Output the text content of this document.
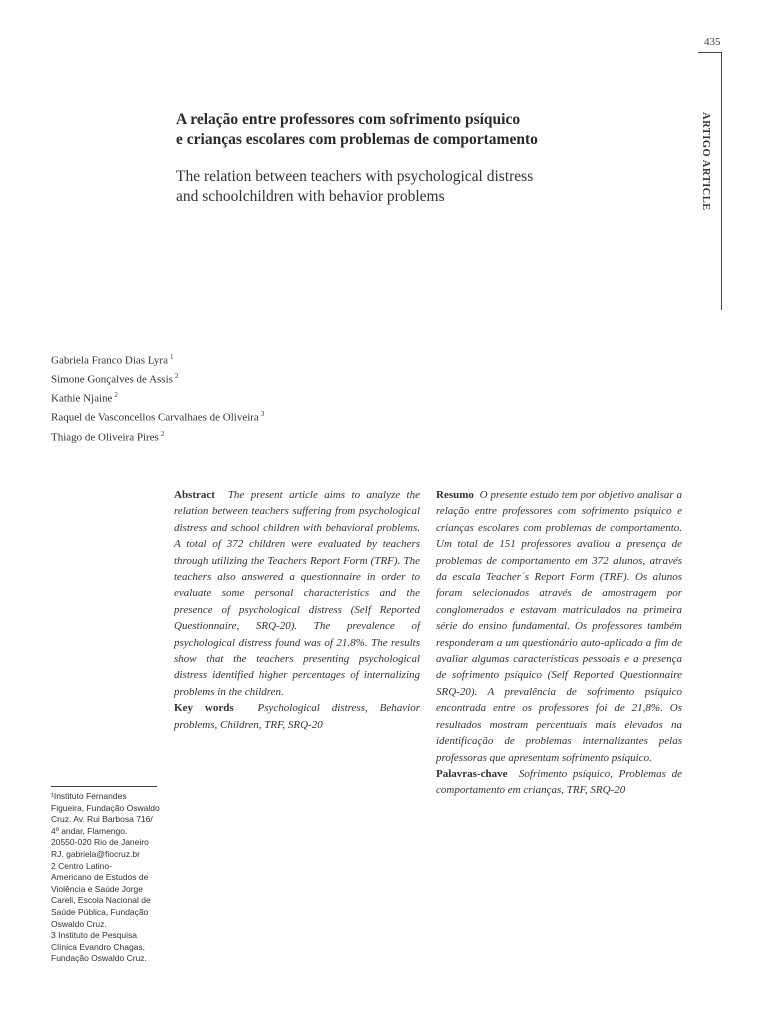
435
ARTIGO ARTICLE
A relação entre professores com sofrimento psíquico
e crianças escolares com problemas de comportamento
The relation between teachers with psychological distress
and schoolchildren with behavior problems
Gabriela Franco Dias Lyra $^1$
Simone Gonçalves de Assis $^2$
Kathie Njaine $^2$
Raquel de Vasconcellos Carvalhaes de Oliveira $^3$
Thiago de Oliveira Pires $^2$

Abstract The present article aims to analyze the relation between teachers suffering from psychological distress and school children with behavioral problems. A total of 372 children were evaluated by teachers through utilizing the Teachers Report Form (TRF). The teachers also answered a questionnaire in order to evaluate some personal characteristics and the presence of psychological distress (Self Reported Questionnaire, SRQ-20). The prevalence of psychological distress found was of 21.8%. The results show that the teachers presenting psychological distress identified higher percentages of internalizing problems in the children.

Key words Psychological distress, Behavior problems, Children, TRF, SRQ-20

Resumo O presente estudo tem por objetivo analisar a relação entre professores com sofrimento psíquico e crianças escolares com problemas de comportamento. Um total de 151 professores avaliou a presença de problemas de comportamento em 372 alunos, através da escala Teacher´s Report Form (TRF). Os alunos foram selecionados através de amostragem por conglomerados e estavam matriculados na primeira série do ensino fundamental. Os professores também responderam a um questionário auto-aplicado a fim de avaliar algumas características pessoais e a presença de sofrimento psíquico (Self Reported Questionnaire SRQ-20). A prevalência de sofrimento psíquico encontrada entre os professores foi de 21,8%. Os resultados mostram percentuais mais elevados na identificação de problemas internalizantes pelas professoras que apresentam sofrimento psíquico.

Palavras-chave Sofrimento psíquico, Problemas de comportamento em crianças, TRF, SRQ-20

¹Instituto Fernandes
Figueira, Fundação Oswaldo
Cruz. Av. Rui Barbosa 716/
4º andar, Flamengo.
20550-020 Rio de Janeiro
RJ. gabriela@fiocruz.br
2 Centro Latino-
Americano de Estudos de
Violência e Saúde Jorge
Careli, Escola Nacional de
Saúde Pública, Fundação
Oswaldo Cruz.
3 Instituto de Pesquisa
Clínica Evandro Chagas,
Fundação Oswaldo Cruz.
